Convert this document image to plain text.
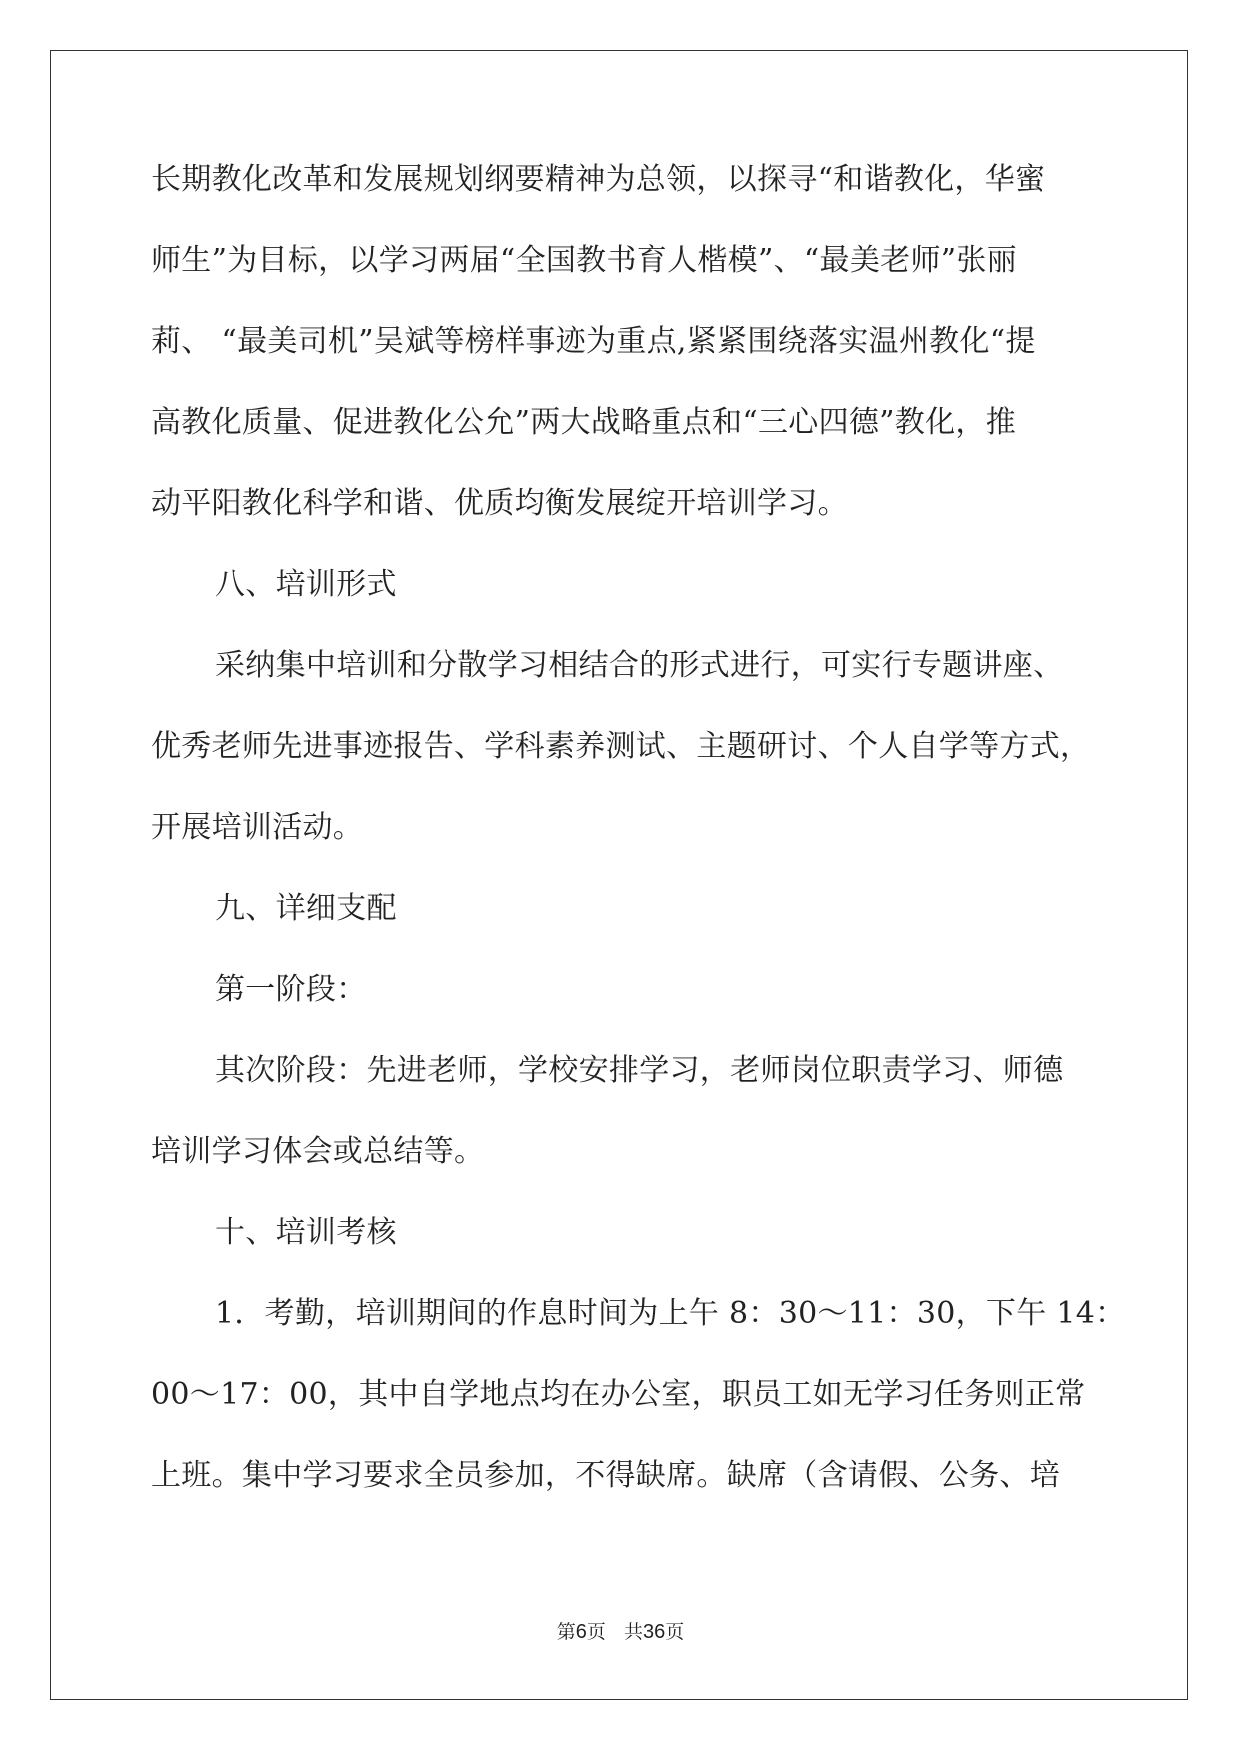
长期教化改革和发展规划纲要精神为总领，以探寻“和谐教化，华蜜

师生”为目标，以学习两届“全国教书育人楷模”、“最美老师”张丽

莉、 “最美司机”吴斌等榜样事迹为重点,紧紧围绕落实温州教化“提

高教化质量、促进教化公允”两大战略重点和“三心四德”教化，推

动平阳教化科学和谐、优质均衡发展绽开培训学习。

八、培训形式

采纳集中培训和分散学习相结合的形式进行，可实行专题讲座、

优秀老师先进事迹报告、学科素养测试、主题研讨、个人自学等方式，

开展培训活动。

九、详细支配

第一阶段：

其次阶段：先进老师，学校安排学习，老师岗位职责学习、师德

培训学习体会或总结等。

十、培训考核

1．考勤，培训期间的作息时间为上午 8：30～11：30，下午 14：

00～17：00，其中自学地点均在办公室，职员工如无学习任务则正常

上班。集中学习要求全员参加，不得缺席。缺席（含请假、公务、培

第6页 共36页
